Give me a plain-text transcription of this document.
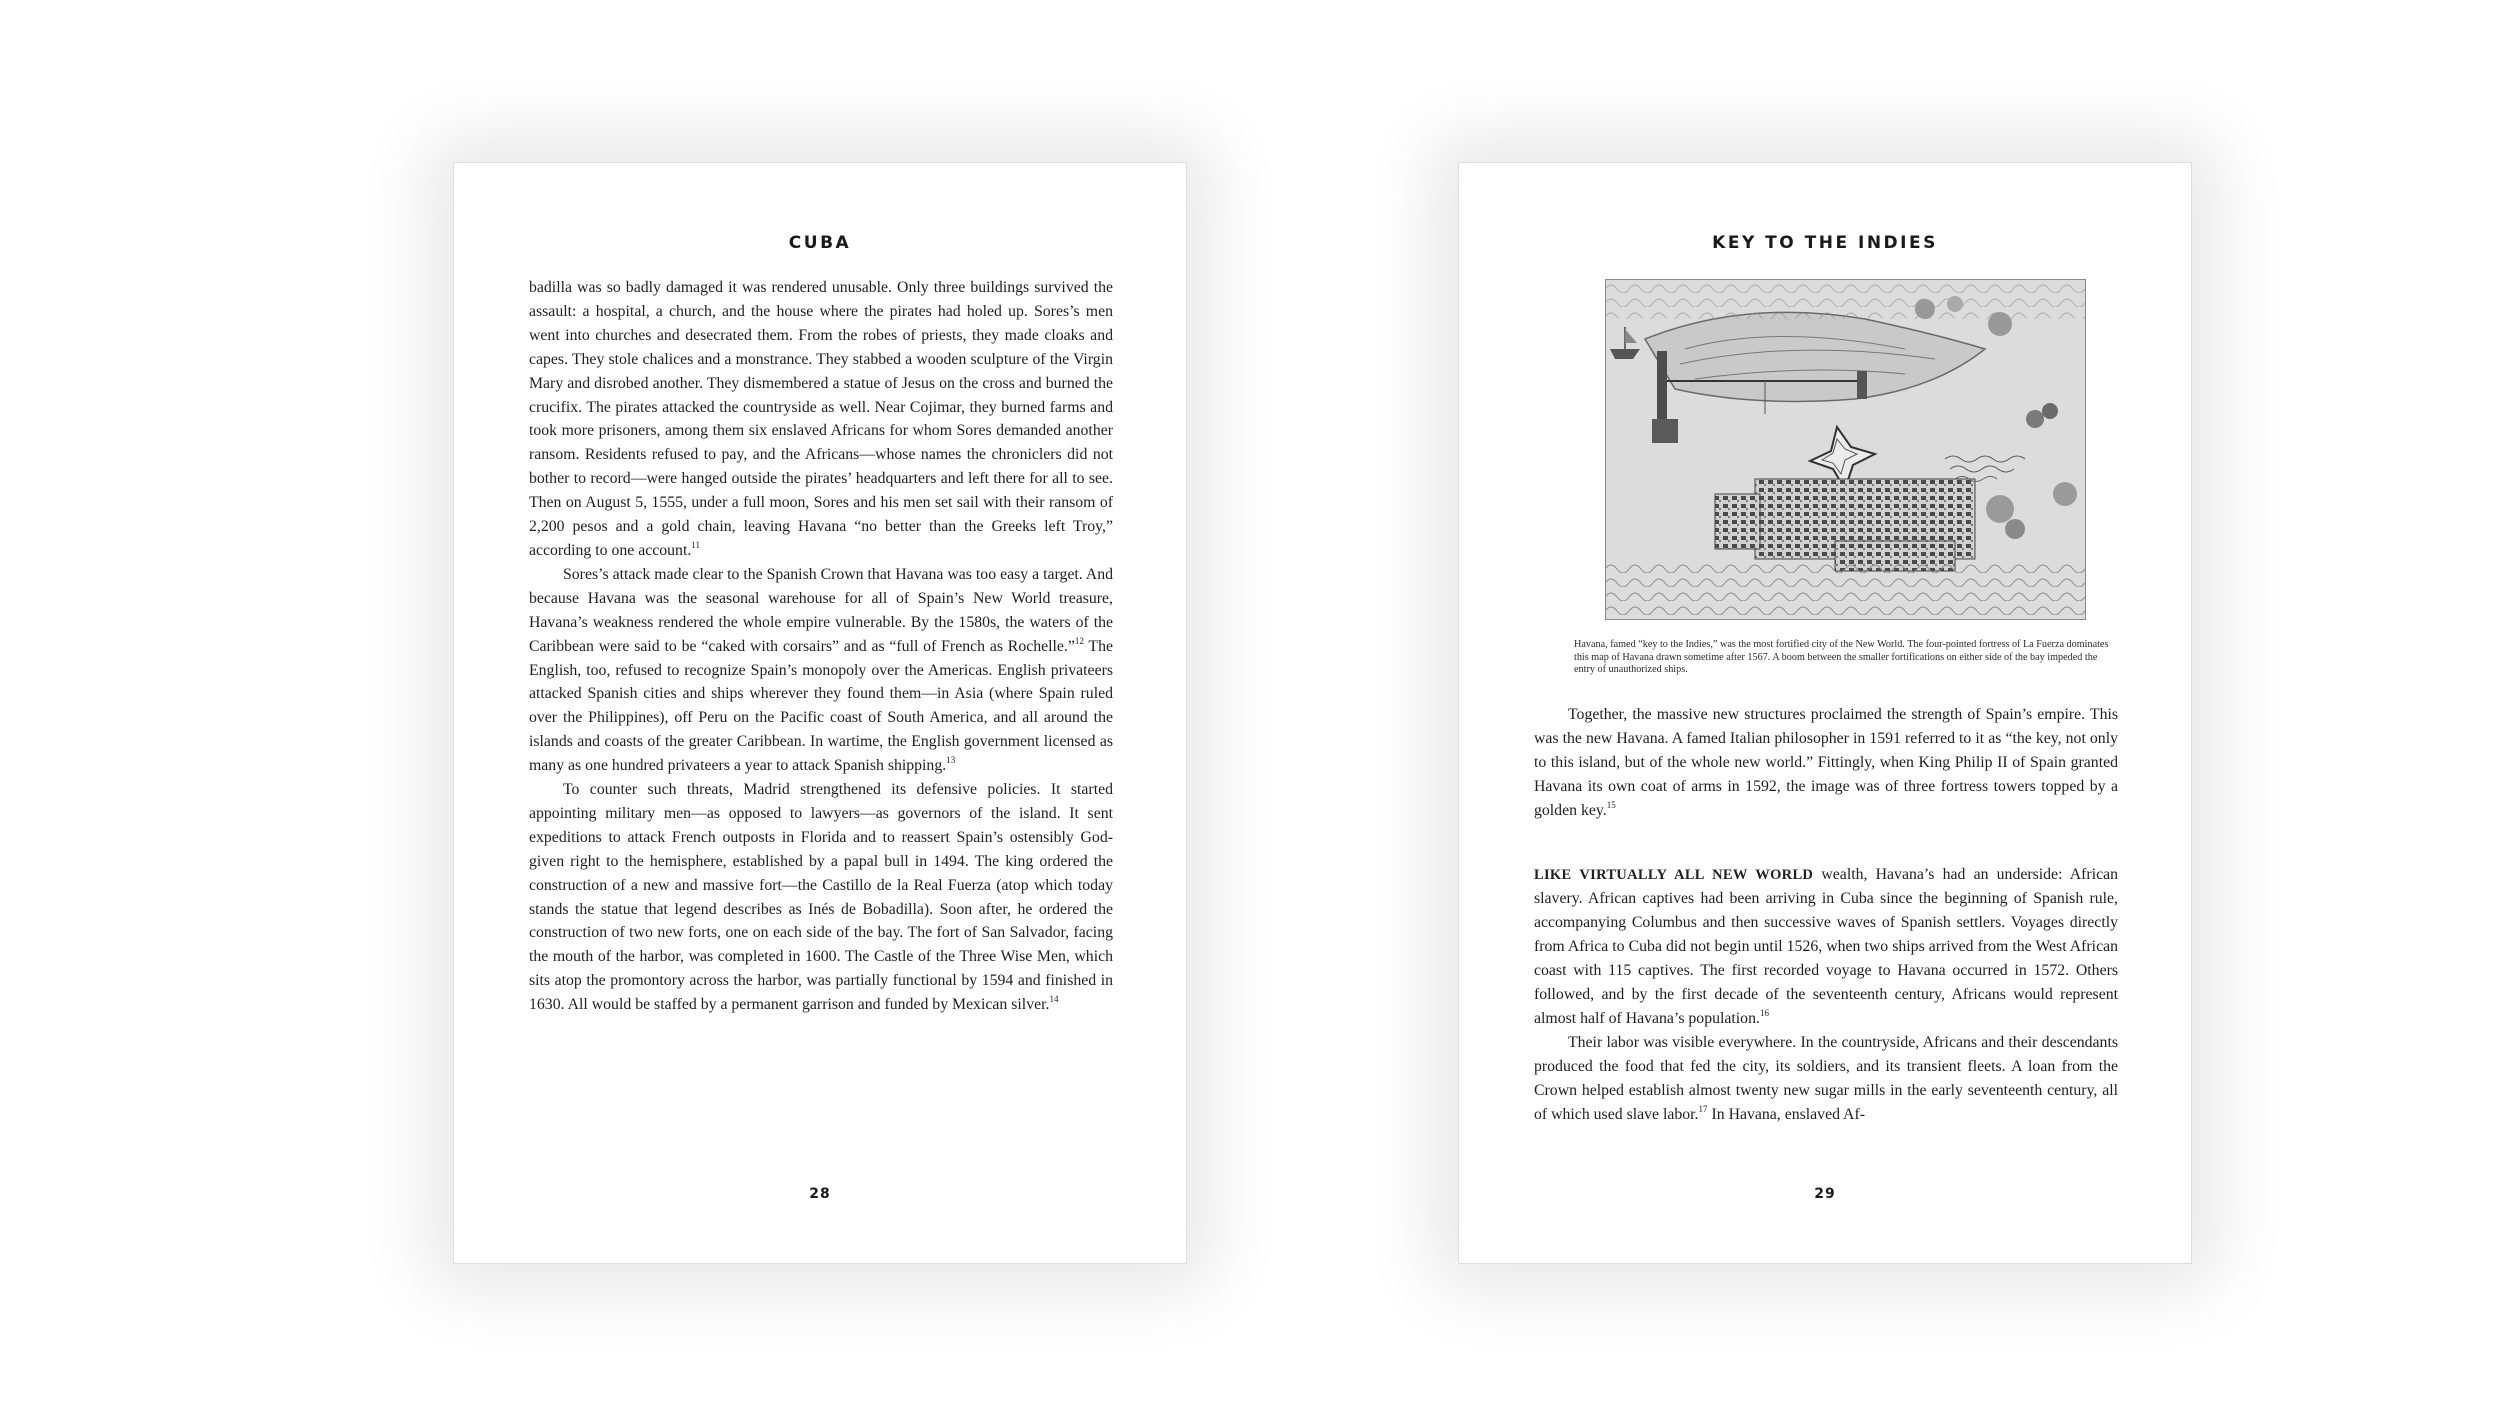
CUBA

badilla was so badly damaged it was rendered unusable. Only three buildings survived the assault: a hospital, a church, and the house where the pirates had holed up. Sores’s men went into churches and desecrated them. From the robes of priests, they made cloaks and capes. They stole chalices and a monstrance. They stabbed a wooden sculpture of the Virgin Mary and disrobed another. They dismembered a statue of Jesus on the cross and burned the crucifix. The pirates attacked the countryside as well. Near Cojimar, they burned farms and took more prisoners, among them six enslaved Africans for whom Sores demanded another ransom. Residents refused to pay, and the Africans—whose names the chroniclers did not bother to record—were hanged outside the pirates’ headquarters and left there for all to see. Then on August 5, 1555, under a full moon, Sores and his men set sail with their ransom of 2,200 pesos and a gold chain, leaving Havana “no better than the Greeks left Troy,” according to one account.$^{11}$

Sores’s attack made clear to the Spanish Crown that Havana was too easy a target. And because Havana was the seasonal warehouse for all of Spain’s New World treasure, Havana’s weakness rendered the whole empire vulnerable. By the 1580s, the waters of the Caribbean were said to be “caked with corsairs” and as “full of French as Rochelle.”$^{12}$ The English, too, refused to recognize Spain’s monopoly over the Americas. English privateers attacked Spanish cities and ships wherever they found them—in Asia (where Spain ruled over the Philippines), off Peru on the Pacific coast of South America, and all around the islands and coasts of the greater Caribbean. In wartime, the English government licensed as many as one hundred privateers a year to attack Spanish shipping.$^{13}$

To counter such threats, Madrid strengthened its defensive policies. It started appointing military men—as opposed to lawyers—as governors of the island. It sent expeditions to attack French outposts in Florida and to reassert Spain’s ostensibly God-given right to the hemisphere, established by a papal bull in 1494. The king ordered the construction of a new and massive fort—the Castillo de la Real Fuerza (atop which today stands the statue that legend describes as Inés de Bobadilla). Soon after, he ordered the construction of two new forts, one on each side of the bay. The fort of San Salvador, facing the mouth of the harbor, was completed in 1600. The Castle of the Three Wise Men, which sits atop the promontory across the harbor, was partially functional by 1594 and finished in 1630. All would be staffed by a permanent garrison and funded by Mexican silver.$^{14}$

28
KEY TO THE INDIES
Havana, famed “key to the Indies,” was the most fortified city of the New World. The four-pointed fortress of La Fuerza dominates this map of Havana drawn sometime after 1567. A boom between the smaller fortifications on either side of the bay impeded the entry of unauthorized ships.

Together, the massive new structures proclaimed the strength of Spain’s empire. This was the new Havana. A famed Italian philosopher in 1591 referred to it as “the key, not only to this island, but of the whole new world.” Fittingly, when King Philip II of Spain granted Havana its own coat of arms in 1592, the image was of three fortress towers topped by a golden key.$^{15}$

LIKE VIRTUALLY ALL NEW WORLD wealth, Havana’s had an underside: African slavery. African captives had been arriving in Cuba since the beginning of Spanish rule, accompanying Columbus and then successive waves of Spanish settlers. Voyages directly from Africa to Cuba did not begin until 1526, when two ships arrived from the West African coast with 115 captives. The first recorded voyage to Havana occurred in 1572. Others followed, and by the first decade of the seventeenth century, Africans would represent almost half of Havana’s population.$^{16}$

Their labor was visible everywhere. In the countryside, Africans and their descendants produced the food that fed the city, its soldiers, and its transient fleets. A loan from the Crown helped establish almost twenty new sugar mills in the early seventeenth century, all of which used slave labor.$^{17}$ In Havana, enslaved Af-

29
